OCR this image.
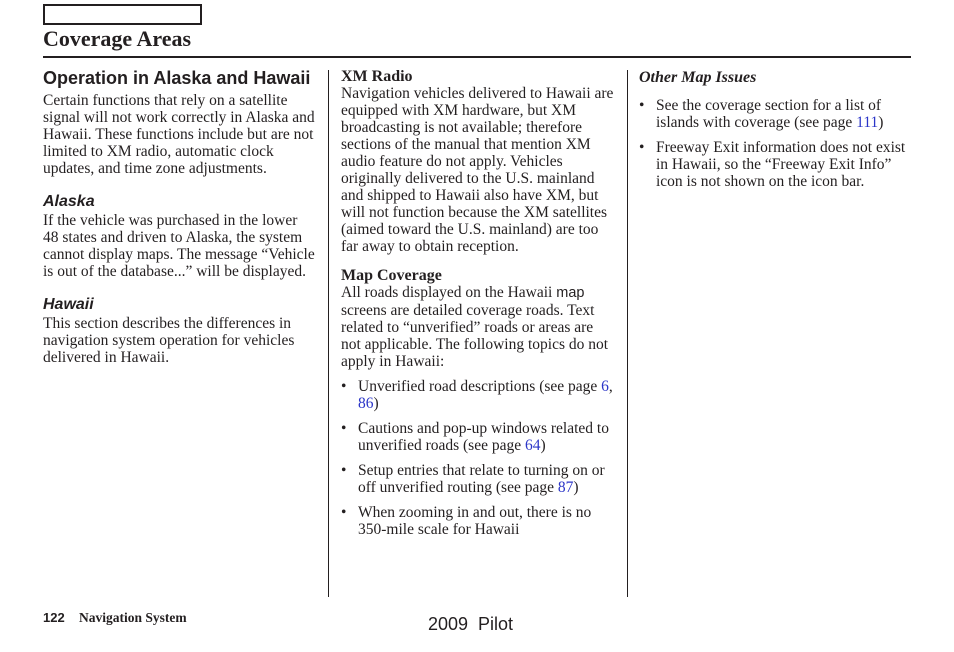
Coverage Areas
Operation in Alaska and Hawaii

Certain functions that rely on a satellite signal will not work correctly in Alaska and Hawaii. These functions include but are not limited to XM radio, automatic clock updates, and time zone adjustments.

Alaska

If the vehicle was purchased in the lower 48 states and driven to Alaska, the system cannot display maps. The message “Vehicle is out of the database...” will be displayed.

Hawaii

This section describes the differences in navigation system operation for vehicles delivered in Hawaii.

XM Radio

Navigation vehicles delivered to Hawaii are equipped with XM hardware, but XM broadcasting is not available; therefore sections of the manual that mention XM audio feature do not apply. Vehicles originally delivered to the U.S. mainland and shipped to Hawaii also have XM, but will not function because the XM satellites (aimed toward the U.S. mainland) are too far away to obtain reception.

Map Coverage

All roads displayed on the Hawaii map screens are detailed coverage roads. Text related to “unverified” roads or areas are not applicable. The following topics do not apply in Hawaii:

• Unverified road descriptions (see page 6, 86)
• Cautions and pop-up windows related to unverified roads (see page 64)
• Setup entries that relate to turning on or off unverified routing (see page 87)
• When zooming in and out, there is no 350-mile scale for Hawaii
Other Map Issues
• See the coverage section for a list of islands with coverage (see page 111)
• Freeway Exit information does not exist in Hawaii, so the “Freeway Exit Info” icon is not shown on the icon bar.
122 Navigation System	2009  Pilot
